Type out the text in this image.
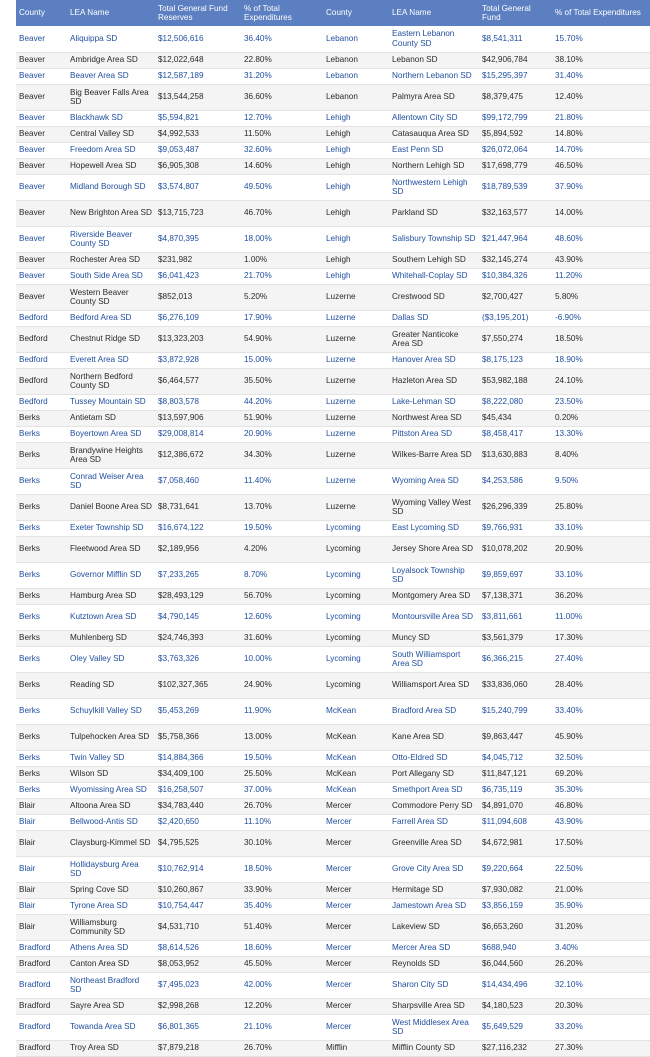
County	LEA Name	Total General Fund Reserves	% of Total Expenditures	County	LEA Name	Total General Fund	% of Total Expenditures
Beaver	Aliquippa SD	$12,506,616	36.40%	Lebanon	Eastern Lebanon County SD	$8,541,311	15.70%
Beaver	Ambridge Area SD	$12,022,648	22.80%	Lebanon	Lebanon SD	$42,906,784	38.10%
Beaver	Beaver Area SD	$12,587,189	31.20%	Lebanon	Northern Lebanon SD	$15,295,397	31.40%
Beaver	Big Beaver Falls Area SD	$13,544,258	36.60%	Lebanon	Palmyra Area SD	$8,379,475	12.40%
Beaver	Blackhawk SD	$5,594,821	12.70%	Lehigh	Allentown City SD	$99,172,799	21.80%
Beaver	Central Valley SD	$4,992,533	11.50%	Lehigh	Catasauqua Area SD	$5,894,592	14.80%
Beaver	Freedom Area SD	$9,053,487	32.60%	Lehigh	East Penn SD	$26,072,064	14.70%
Beaver	Hopewell Area SD	$6,905,308	14.60%	Lehigh	Northern Lehigh SD	$17,698,779	46.50%
Beaver	Midland Borough SD	$3,574,807	49.50%	Lehigh	Northwestern Lehigh SD	$18,789,539	37.90%
Beaver	New Brighton Area SD	$13,715,723	46.70%	Lehigh	Parkland SD	$32,163,577	14.00%
Beaver	Riverside Beaver County SD	$4,870,395	18.00%	Lehigh	Salisbury Township SD	$21,447,964	48.60%
Beaver	Rochester Area SD	$231,982	1.00%	Lehigh	Southern Lehigh SD	$32,145,274	43.90%
Beaver	South Side Area SD	$6,041,423	21.70%	Lehigh	Whitehall-Coplay SD	$10,384,326	11.20%
Beaver	Western Beaver County SD	$852,013	5.20%	Luzerne	Crestwood SD	$2,700,427	5.80%
Bedford	Bedford Area SD	$6,276,109	17.90%	Luzerne	Dallas SD	($3,195,201)	-6.90%
Bedford	Chestnut Ridge SD	$13,323,203	54.90%	Luzerne	Greater Nanticoke Area SD	$7,550,274	18.50%
Bedford	Everett Area SD	$3,872,928	15.00%	Luzerne	Hanover Area SD	$8,175,123	18.90%
Bedford	Northern Bedford County SD	$6,464,577	35.50%	Luzerne	Hazleton Area SD	$53,982,188	24.10%
Bedford	Tussey Mountain SD	$8,803,578	44.20%	Luzerne	Lake-Lehman SD	$8,222,080	23.50%
Berks	Antietam SD	$13,597,906	51.90%	Luzerne	Northwest Area SD	$45,434	0.20%
Berks	Boyertown Area SD	$29,008,814	20.90%	Luzerne	Pittston Area SD	$8,458,417	13.30%
Berks	Brandywine Heights Area SD	$12,386,672	34.30%	Luzerne	Wilkes-Barre Area SD	$13,630,883	8.40%
Berks	Conrad Weiser Area SD	$7,058,460	11.40%	Luzerne	Wyoming Area SD	$4,253,586	9.50%
Berks	Daniel Boone Area SD	$8,731,641	13.70%	Luzerne	Wyoming Valley West SD	$26,296,339	25.80%
Berks	Exeter Township SD	$16,674,122	19.50%	Lycoming	East Lycoming SD	$9,766,931	33.10%
Berks	Fleetwood Area SD	$2,189,956	4.20%	Lycoming	Jersey Shore Area SD	$10,078,202	20.90%
Berks	Governor Mifflin SD	$7,233,265	8.70%	Lycoming	Loyalsock Township SD	$9,859,697	33.10%
Berks	Hamburg Area SD	$28,493,129	56.70%	Lycoming	Montgomery Area SD	$7,138,371	36.20%
Berks	Kutztown Area SD	$4,790,145	12.60%	Lycoming	Montoursville Area SD	$3,811,661	11.00%
Berks	Muhlenberg SD	$24,746,393	31.60%	Lycoming	Muncy SD	$3,561,379	17.30%
Berks	Oley Valley SD	$3,763,326	10.00%	Lycoming	South Williamsport Area SD	$6,366,215	27.40%
Berks	Reading SD	$102,327,365	24.90%	Lycoming	Williamsport Area SD	$33,836,060	28.40%
Berks	Schuylkill Valley SD	$5,453,269	11.90%	McKean	Bradford Area SD	$15,240,799	33.40%
Berks	Tulpehocken Area SD	$5,758,366	13.00%	McKean	Kane Area SD	$9,863,447	45.90%
Berks	Twin Valley SD	$14,884,366	19.50%	McKean	Otto-Eldred SD	$4,045,712	32.50%
Berks	Wilson SD	$34,409,100	25.50%	McKean	Port Allegany SD	$11,847,121	69.20%
Berks	Wyomissing Area SD	$16,258,507	37.00%	McKean	Smethport Area SD	$6,735,119	35.30%
Blair	Altoona Area SD	$34,783,440	26.70%	Mercer	Commodore Perry SD	$4,891,070	46.80%
Blair	Bellwood-Antis SD	$2,420,650	11.10%	Mercer	Farrell Area SD	$11,094,608	43.90%
Blair	Claysburg-Kimmel SD	$4,795,525	30.10%	Mercer	Greenville Area SD	$4,672,981	17.50%
Blair	Hollidaysburg Area SD	$10,762,914	18.50%	Mercer	Grove City Area SD	$9,220,664	22.50%
Blair	Spring Cove SD	$10,260,867	33.90%	Mercer	Hermitage SD	$7,930,082	21.00%
Blair	Tyrone Area SD	$10,754,447	35.40%	Mercer	Jamestown Area SD	$3,856,159	35.90%
Blair	Williamsburg Community SD	$4,531,710	51.40%	Mercer	Lakeview SD	$6,653,260	31.20%
Bradford	Athens Area SD	$8,614,526	18.60%	Mercer	Mercer Area SD	$688,940	3.40%
Bradford	Canton Area SD	$8,053,952	45.50%	Mercer	Reynolds SD	$6,044,560	26.20%
Bradford	Northeast Bradford SD	$7,495,023	42.00%	Mercer	Sharon City SD	$14,434,496	32.10%
Bradford	Sayre Area SD	$2,998,268	12.20%	Mercer	Sharpsville Area SD	$4,180,523	20.30%
Bradford	Towanda Area SD	$6,801,365	21.10%	Mercer	West Middlesex Area SD	$5,649,529	33.20%
Bradford	Troy Area SD	$7,879,218	26.70%	Mifflin	Mifflin County SD	$27,116,232	27.30%
